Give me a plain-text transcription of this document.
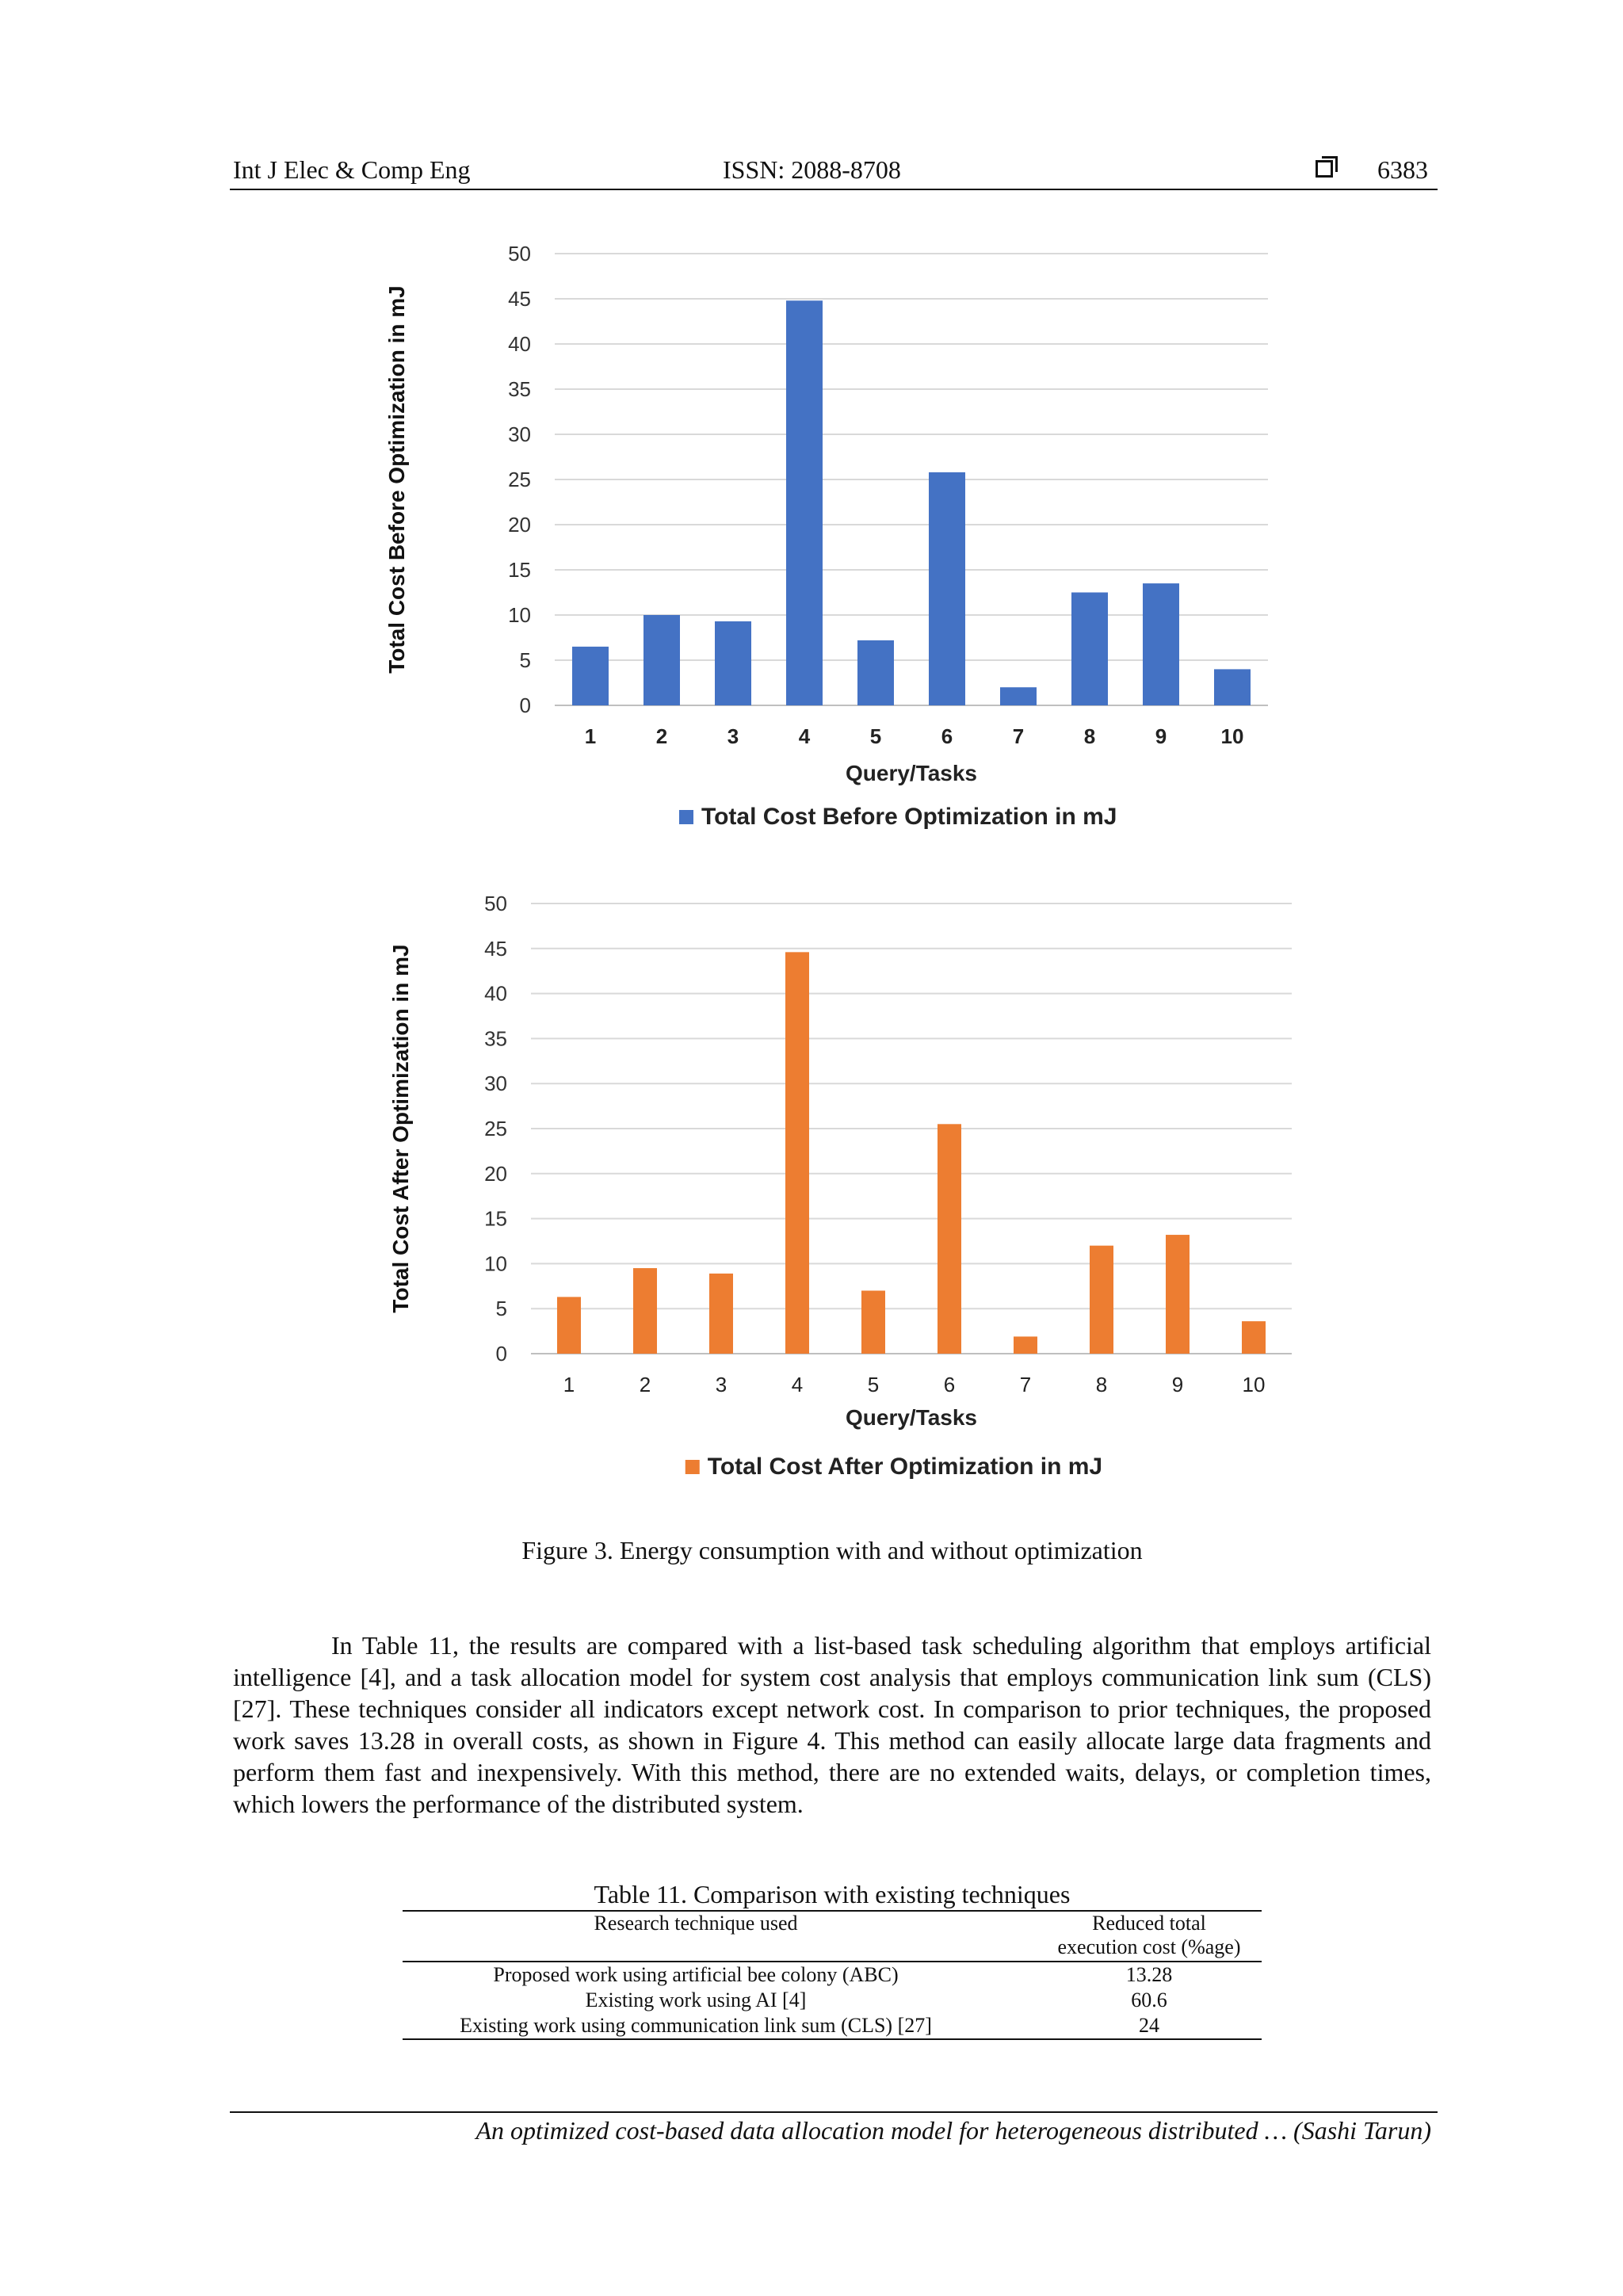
Int J Elec & Comp Eng	ISSN: 2088-8708	6383
0
5
10
15
20
25
30
35
40
45
50
1	2	3	4	5	6	7	8	9	10
Query/Tasks
Total Cost Before Optimization in mJ
Total Cost Before Optimization in mJ
0
5
10
15
20
25
30
35
40
45
50
1	2	3	4	5	6	7	8	9	10
Query/Tasks
Total Cost After Optimization in mJ
Total Cost After Optimization in mJ
Figure 3. Energy consumption with and without optimization
In Table 11, the results are compared with a list-based task scheduling algorithm that employs artificial intelligence [4], and a task allocation model for system cost analysis that employs communication link sum (CLS) [27]. These techniques consider all indicators except network cost. In comparison to prior techniques, the proposed work saves 13.28 in overall costs, as shown in Figure 4. This method can easily allocate large data fragments and perform them fast and inexpensively. With this method, there are no extended waits, delays, or completion times, which lowers the performance of the distributed system.
Table 11. Comparison with existing techniques
Research technique used	Reduced total execution cost (%age)
Proposed work using artificial bee colony (ABC)	13.28
Existing work using AI [4]	60.6
Existing work using communication link sum (CLS) [27]	24
An optimized cost-based data allocation model for heterogeneous distributed … (Sashi Tarun)
